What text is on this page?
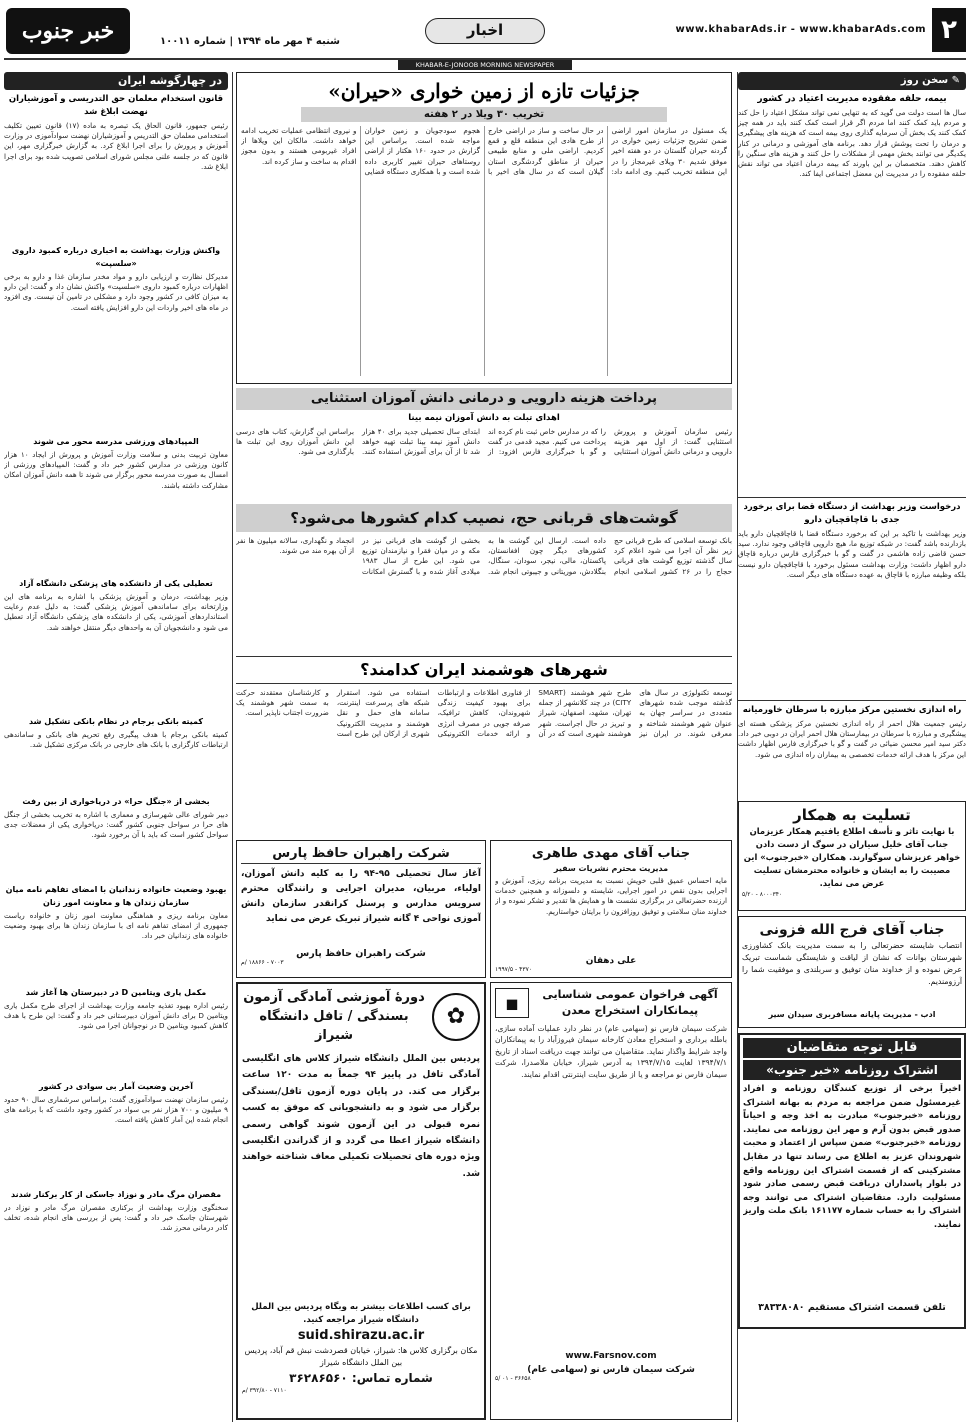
۲
www.khabarAds.ir - www.khabarAds.com
اخبار
شنبه ۴ مهر ماه ۱۳۹۴ | شماره ۱۰۰۱۱
خبر جنوب
KHABAR-E-JONOOB MORNING NEWSPAPER
✎ سخن روز
بیمه، حلقه مفقوده مدیریت اعتیاد در کشور
سال ها است دولت می گوید که به تنهایی نمی تواند مشکل اعتیاد را حل کند و مردم باید کمک کنند اما مردم اگر قرار است کمک کنند باید در همه چیز کمک کنند یک بخش آن سرمایه گذاری روی بیمه است که هزینه های پیشگیری و درمان را تحت پوشش قرار دهد. برنامه های آموزشی و درمانی در کنار یکدیگر می توانند بخش مهمی از مشکلات را حل کنند و هزینه های سنگین را کاهش دهند. متخصصان بر این باورند که بیمه درمان اعتیاد می تواند نقش حلقه مفقوده را در مدیریت این معضل اجتماعی ایفا کند.
درخواست وزیر بهداشت از دستگاه قضا برای برخورد جدی با قاچاقچیان دارو
وزیر بهداشت با تاکید بر این که برخورد دستگاه قضا با قاچاقچیان دارو باید بازدارنده باشد گفت: در شبکه توزیع ما، هیچ دارویی قاچاقی وجود ندارد. سید حسن قاضی زاده هاشمی در گفت و گو با خبرگزاری فارس درباره قاچاق دارو اظهار داشت: وزارت بهداشت مسئول برخورد با قاچاقچیان دارو نیست بلکه وظیفه مبارزه با قاچاق به عهده دستگاه های دیگر است.
راه اندازی نخستین مرکز مبارزه با سرطان خاورمیانه
رئیس جمعیت هلال احمر از راه اندازی نخستین مرکز پزشکی هسته ای پیشگیری و مبارزه با سرطان در بیمارستان هلال احمر ایران در دوبی خبر داد. دکتر سید امیر محسن ضیائی در گفت و گو با خبرگزاری فارس اظهار داشت این مرکز با هدف ارائه خدمات تخصصی به بیماران راه اندازی می شود.
تسلیت به همکار
با نهایت تاثر و تأسف اطلاع یافتیم همکار عزیزمان جناب آقای خلیل سیاران در سوگ از دست دادن خواهر عزیزشان سوگوارند. همکاران «خبرجنوب» این مصیبت را به ایشان و خانواده محترمشان تسلیت عرض می نماید.
۸۰۰۰۳۴۰ - ۵/۲۰
جناب آقای فرج الله فزونی
انتصاب شایسته حضرتعالی را به سمت مدیریت بانک کشاورزی شهرستان بوانات که نشان از لیاقت و شایستگی شماست تبریک عرض نموده و از خداوند منان توفیق و سربلندی و موفقیت شما را آرزومندیم.
ادب - مدیریت پایانه مسافربری سیدان سیر
قابل توجه متقاضیان
اشتراک روزنامه «خبر جنوب»
اخیراً برخی از توزیع کنندگان روزنامه و افراد غیرمسئول ضمن مراجعه به مردم به بهانه اشتراک روزنامه «خبرجنوب» مبادرت به اخذ وجه و احیاناً صدور قبض بدون آرم و مهر این روزنامه می نمایند. روزنامه «خبرجنوب» ضمن سپاس از اعتماد و محبت شهروندان عزیز به اطلاع می رساند تنها در مقابل مشترکینی که از قسمت اشتراک این روزنامه واقع در بلوار پاسداران دریافت قبض رسمی صادر شود مسئولیت دارد. متقاضیان اشتراک می توانند وجه اشتراک را به حساب شماره ۱۶۱۱۷۷ بانک ملت واریز نمایند.
تلفن قسمت اشتراک مستقیم ۳۸۳۳۸۰۸۰
جزئیات تازه از زمین خواری «حیران»
تخریب ۳۰ ویلا در ۲ هفته
یک مسئول در سازمان امور اراضی ضمن تشریح جزئیات زمین خواری در گردنه حیران گلستان در دو هفته اخیر موفق شدیم ۳۰ ویلای غیرمجاز را در این منطقه تخریب کنیم. وی ادامه داد: در حال ساخت و ساز در اراضی خارج از طرح هادی این منطقه قلع و قمع کردیم. اراضی ملی و منابع طبیعی حیران از مناطق گردشگری استان گیلان است که در سال های اخیر با هجوم سودجویان و زمین خواران مواجه شده است. براساس این گزارش در حدود ۱۶۰ هکتار از اراضی روستاهای حیران تغییر کاربری داده شده است و با همکاری دستگاه قضایی و نیروی انتظامی عملیات تخریب ادامه خواهد داشت. مالکان این ویلاها از افراد غیربومی هستند و بدون مجوز اقدام به ساخت و ساز کرده اند.
پرداخت هزینه دارویی و درمانی دانش آموزان استثنایی
اهدای تبلت به دانش آموزان نیمه بینا
رئیس سازمان آموزش و پرورش استثنایی گفت: از اول مهر هزینه دارویی و درمانی دانش آموزان استثنایی را که در مدارس خاص ثبت نام کرده اند پرداخت می کنیم. مجید قدمی در گفت و گو با خبرگزاری فارس افزود: از ابتدای سال تحصیلی جدید برای ۴۰ هزار دانش آموز نیمه بینا تبلت تهیه خواهد شد تا از آن برای آموزش استفاده کنند. براساس این گزارش، کتاب های درسی این دانش آموزان روی این تبلت ها بارگذاری می شود.
گوشت‌های قربانی حج، نصیب کدام کشورها می‌شود؟
بانک توسعه اسلامی که طرح قربانی حج زیر نظر آن اجرا می شود اعلام کرد سال گذشته توزیع گوشت های قربانی حجاج را در ۲۶ کشور اسلامی انجام داده است. ارسال این گوشت ها به کشورهای دیگر چون افغانستان، پاکستان، مالی، نیجر، سودان، سنگال، بنگلادش، موریتانی و جیبوتی انجام شد. بخشی از گوشت های قربانی نیز در مکه و در میان فقرا و نیازمندان توزیع می شود. این طرح از سال ۱۹۸۳ میلادی آغاز شده و با گسترش امکانات انجماد و نگهداری، سالانه میلیون ها نفر از آن بهره مند می شوند.
شهرهای هوشمند ایران کدامند؟
توسعه تکنولوژی در سال های گذشته موجب شده شهرهای متعددی در سراسر جهان به عنوان شهر هوشمند شناخته و معرفی شوند. در ایران نیز طرح شهر هوشمند (SMART CITY) در چند کلانشهر از جمله تهران، مشهد، اصفهان، شیراز و تبریز در حال اجراست. شهر هوشمند شهری است که در آن از فناوری اطلاعات و ارتباطات برای بهبود کیفیت زندگی شهروندان، کاهش ترافیک، صرفه جویی در مصرف انرژی و ارائه خدمات الکترونیکی استفاده می شود. استقرار شبکه های پرسرعت اینترنت، سامانه های حمل و نقل هوشمند و مدیریت الکترونیک شهری از ارکان این طرح است و کارشناسان معتقدند حرکت به سمت شهر هوشمند یک ضرورت اجتناب ناپذیر است.
جناب آقای مهدی طاهری
مدیریت محترم نشریات سفیر
مایه احساس عمیق قلبی خویش نسبت به مدیریت برنامه ریزی، آموزش و اجرایی بدون نقص در امور اجرایی، شایسته و دلسوزانه و همچنین خدمات ارزنده حضرتعالی در برگزاری نشست ها و همایش ها تقدیر و تشکر نموده و از خداوند منان سلامتی و توفیق روزافزون را برایتان خواستاریم.
علی دهقان
۴۳۷۰ - ۱۹۹۷/۵
شرکت راهبران حافظ پارس
آغاز سال تحصیلی ۹۵-۹۴ را به کلیه دانش آموزان، اولیاء، مربیان، مدیران اجرایی و رانندگان محترم سرویس مدارس و پرسنل کرانقدر سازمان دانش آموزی نواحی ۴ گانه شیراز تبریک عرض می نماید
شرکت راهبران حافظ پارس
۷۰۰۳ - ۱۸۸۶۶ /م
آگهی فراخوان عمومی شناسایی پیمانکاران استخراج معدن
◼
شرکت سیمان فارس نو (سهامی عام) در نظر دارد عملیات آماده سازی، باطله برداری و استخراج معادن کارخانه سیمان فیروزآباد را به پیمانکاران واجد شرایط واگذار نماید. متقاضیان می توانند جهت دریافت اسناد از تاریخ ۱۳۹۴/۷/۱ لغایت ۱۳۹۴/۷/۱۵ به آدرس شیراز، خیابان ملاصدرا، شرکت سیمان فارس نو مراجعه و یا از طریق سایت اینترنتی اقدام نمایند.
www.Farsnov.com
شرکت سیمان فارس نو (سهامی عام)
۳۶۶۵۸ - ۰۱ /۵
✿
دورۀ آموزشی آمادگی آزمون بسندگی / تافل دانشگاه شیراز
پردیس بین الملل دانشگاه شیراز کلاس های انگلیسی آمادگی تافل در پاییز ۹۴ جمعاً به مدت ۱۲۰ ساعت برگزار می کند. در پایان دوره آزمون تافل/بسندگی برگزار می شود و به دانشجویانی که موفق به کسب نمره قبولی در این آزمون شوند گواهی رسمی دانشگاه شیراز اعطا می گردد و از گذراندن انگلیسی ویژه دوره های تحصیلات تکمیلی معاف شناخته خواهند شد.
برای کسب اطلاعات بیشتر به وبگاه پردیس بین الملل دانشگاه شیراز مراجعه کنید.
suid.shirazu.ac.ir
مکان برگزاری کلاس ها: شیراز، خیابان قصردشت نبش قم آباد، پردیس بین الملل دانشگاه شیراز
شماره تماس: ۳۶۲۸۶۵۶۰
۷۱۱۰ - ۳۹۲/۸۰ /م
در چهارگوشه ایران
قانون استخدام معلمان حق التدریسی و آموزشیاران نهضت ابلاغ شد
رئیس جمهور، قانون الحاق یک تبصره به ماده (۱۷) قانون تعیین تکلیف استخدامی معلمان حق التدریس و آموزشیاران نهضت سوادآموزی در وزارت آموزش و پرورش را برای اجرا ابلاغ کرد. به گزارش خبرگزاری مهر، این قانون که در جلسه علنی مجلس شورای اسلامی تصویب شده بود برای اجرا ابلاغ شد.
واکنش وزارت بهداشت به اخباری درباره کمبود داروی «سلسپت»
مدیرکل نظارت و ارزیابی دارو و مواد مخدر سازمان غذا و دارو به برخی اظهارات درباره کمبود داروی «سلسپت» واکنش نشان داد و گفت: این دارو به میزان کافی در کشور وجود دارد و مشکلی در تامین آن نیست. وی افزود در ماه های اخیر واردات این دارو افزایش یافته است.
المپیادهای ورزشی مدرسه محور می شوند
معاون تربیت بدنی و سلامت وزارت آموزش و پرورش از ایجاد ۱۰ هزار کانون ورزشی در مدارس کشور خبر داد و گفت: المپیادهای ورزشی از امسال به صورت مدرسه محور برگزار می شوند تا همه دانش آموزان امکان مشارکت داشته باشند.
تعطیلی یکی از دانشکده های پزشکی دانشگاه آزاد
وزیر بهداشت، درمان و آموزش پزشکی با اشاره به برنامه های این وزارتخانه برای ساماندهی آموزش پزشکی گفت: به دلیل عدم رعایت استانداردهای آموزشی، یکی از دانشکده های پزشکی دانشگاه آزاد تعطیل می شود و دانشجویان آن به واحدهای دیگر منتقل خواهند شد.
کمیته بانکی برجام در نظام بانکی تشکیل شد
کمیته بانکی برجام با هدف پیگیری رفع تحریم های بانکی و ساماندهی ارتباطات کارگزاری با بانک های خارجی در بانک مرکزی تشکیل شد.
بخشی از «جنگل حرا» در دریاخواری از بین رفت
دبیر شورای عالی شهرسازی و معماری با اشاره به تخریب بخشی از جنگل های حرا در سواحل جنوبی کشور گفت: دریاخواری یکی از معضلات جدی سواحل کشور است که باید با آن برخورد شود.
بهبود وضعیت خانواده زندانیان با امضای تفاهم نامه میان سازمان زندان ها و معاونت امور زنان
معاون برنامه ریزی و هماهنگی معاونت امور زنان و خانواده ریاست جمهوری از امضای تفاهم نامه ای با سازمان زندان ها برای بهبود وضعیت خانواده های زندانیان خبر داد.
مکمل یاری ویتامین D در دبیرستان ها آغاز شد
رئیس اداره بهبود تغذیه جامعه وزارت بهداشت از اجرای طرح مکمل یاری ویتامین D برای دانش آموزان دبیرستانی خبر داد و گفت: این طرح با هدف کاهش کمبود ویتامین D در نوجوانان اجرا می شود.
آخرین وضعیت آمار بی سوادی در کشور
رئیس سازمان نهضت سوادآموزی گفت: براساس سرشماری سال ۹۰ حدود ۹ میلیون و ۷۰۰ هزار نفر بی سواد در کشور وجود داشت که با برنامه های انجام شده این آمار کاهش یافته است.
مقصران مرگ مادر و نوزاد جاسکی از کار برکنار شدند
سخنگوی وزارت بهداشت از برکناری مقصران مرگ مادر و نوزاد در شهرستان جاسک خبر داد و گفت: پس از بررسی های انجام شده، تخلف کادر درمانی محرز شد.
